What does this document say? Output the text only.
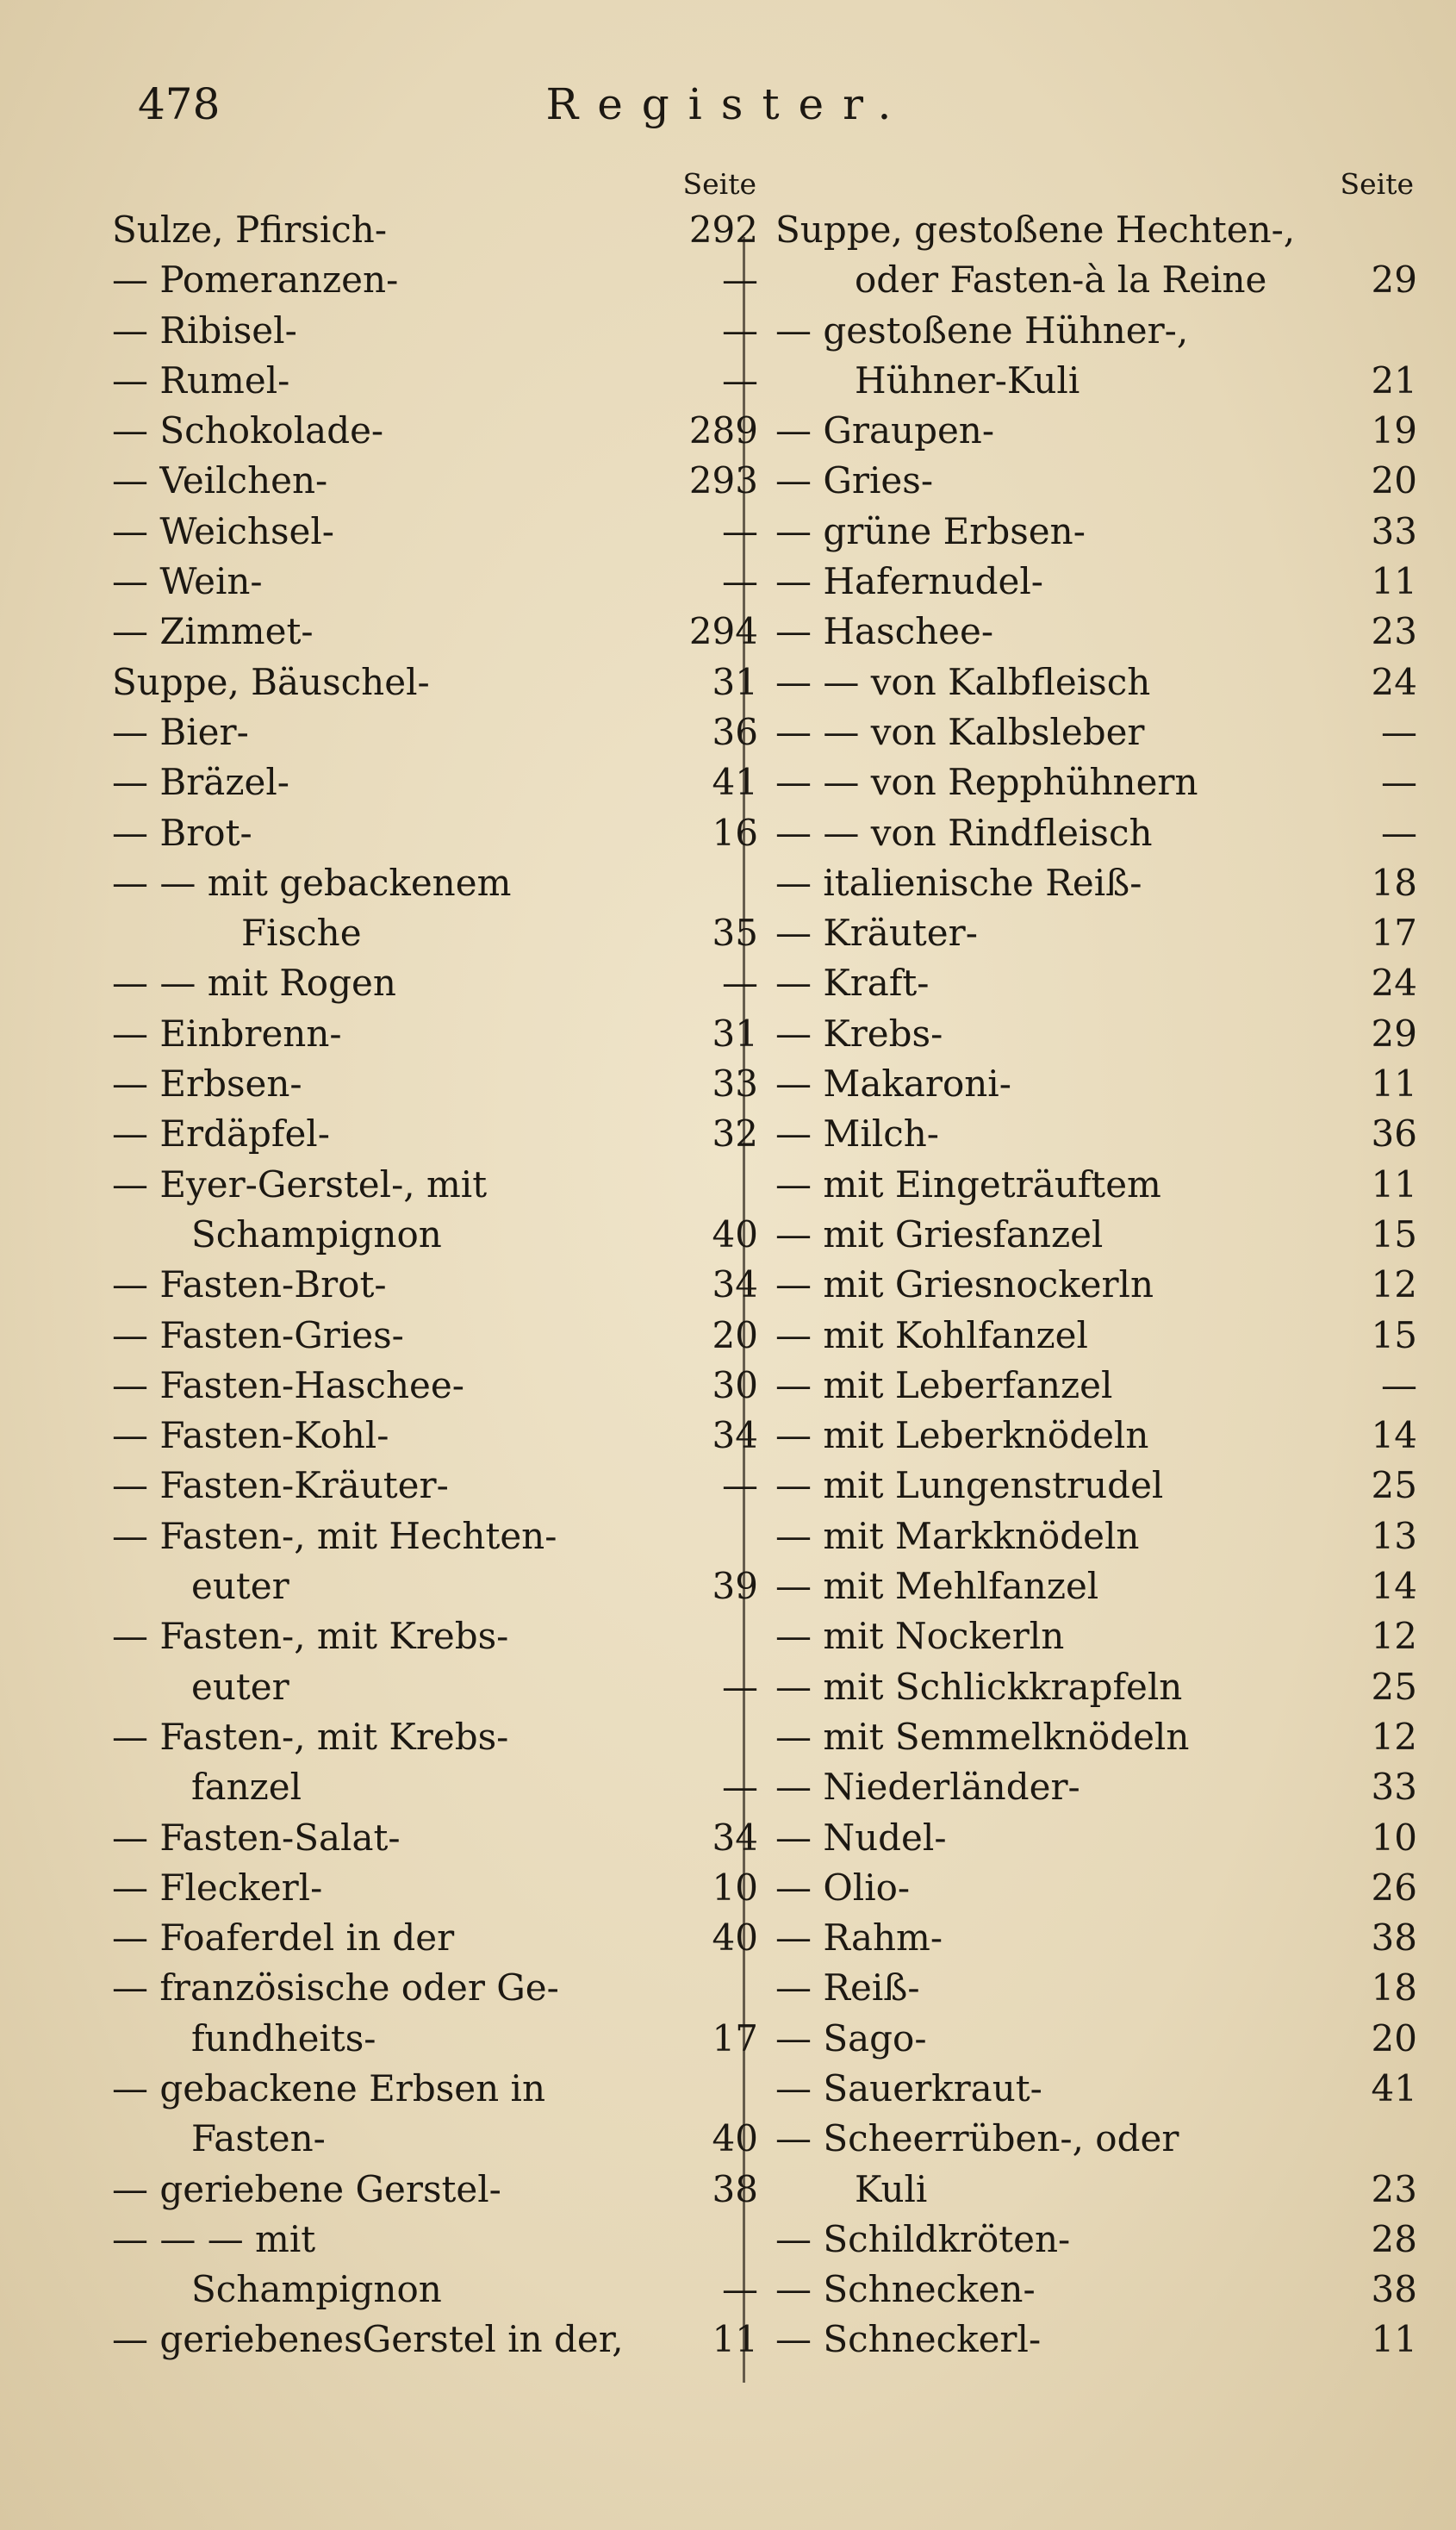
478	Register.
Seite
Sulze, Pfirsich-	292
— Pomeranzen-	—
— Ribisel-	—
— Rumel-	—
— Schokolade-	289
— Veilchen-	293
— Weichsel-	—
— Wein-	—
— Zimmet-	294
Suppe, Bäuschel-	31
— Bier-	36
— Bräzel-	41
— Brot-	16
— — mit gebackenem
Fische	35
— — mit Rogen	—
— Einbrenn-	31
— Erbsen-	33
— Erdäpfel-	32
— Eyer-Gerstel-, mit
Schampignon	40
— Fasten-Brot-	34
— Fasten-Gries-	20
— Fasten-Haschee-	30
— Fasten-Kohl-	34
— Fasten-Kräuter-	—
— Fasten-, mit Hechten-
euter	39
— Fasten-, mit Krebs-
euter	—
— Fasten-, mit Krebs-
fanzel	—
— Fasten-Salat-	34
— Fleckerl-	10
— Foaferdel in der	40
— französische oder Ge-
fundheits-	17
— gebackene Erbsen in
Fasten-	40
— geriebene Gerstel-	38
— — — mit
Schampignon	—
— geriebenesGerstel in der, 11
Seite
Suppe, gestoßene Hechten-,
oder Fasten-à la Reine	29
— gestoßene Hühner-,
Hühner-Kuli	21
— Graupen-	19
— Gries-	20
— grüne Erbsen-	33
— Hafernudel-	11
— Haschee-	23
— — von Kalbfleisch	24
— — von Kalbsleber	—
— — von Repphühnern	—
— — von Rindfleisch	—
— italienische Reiß-	18
— Kräuter-	17
— Kraft-	24
— Krebs-	29
— Makaroni-	11
— Milch-	36
— mit Eingeträuftem	11
— mit Griesfanzel	15
— mit Griesnockerln	12
— mit Kohlfanzel	15
— mit Leberfanzel	—
— mit Leberknödeln	14
— mit Lungenstrudel	25
— mit Markknödeln	13
— mit Mehlfanzel	14
— mit Nockerln	12
— mit Schlickkrapfeln	25
— mit Semmelknödeln	12
— Niederländer-	33
— Nudel-	10
— Olio-	26
— Rahm-	38
— Reiß-	18
— Sago-	20
— Sauerkraut-	41
— Scheerrüben-, oder
Kuli	23
— Schildkröten-	28
— Schnecken-	38
— Schneckerl-	11
